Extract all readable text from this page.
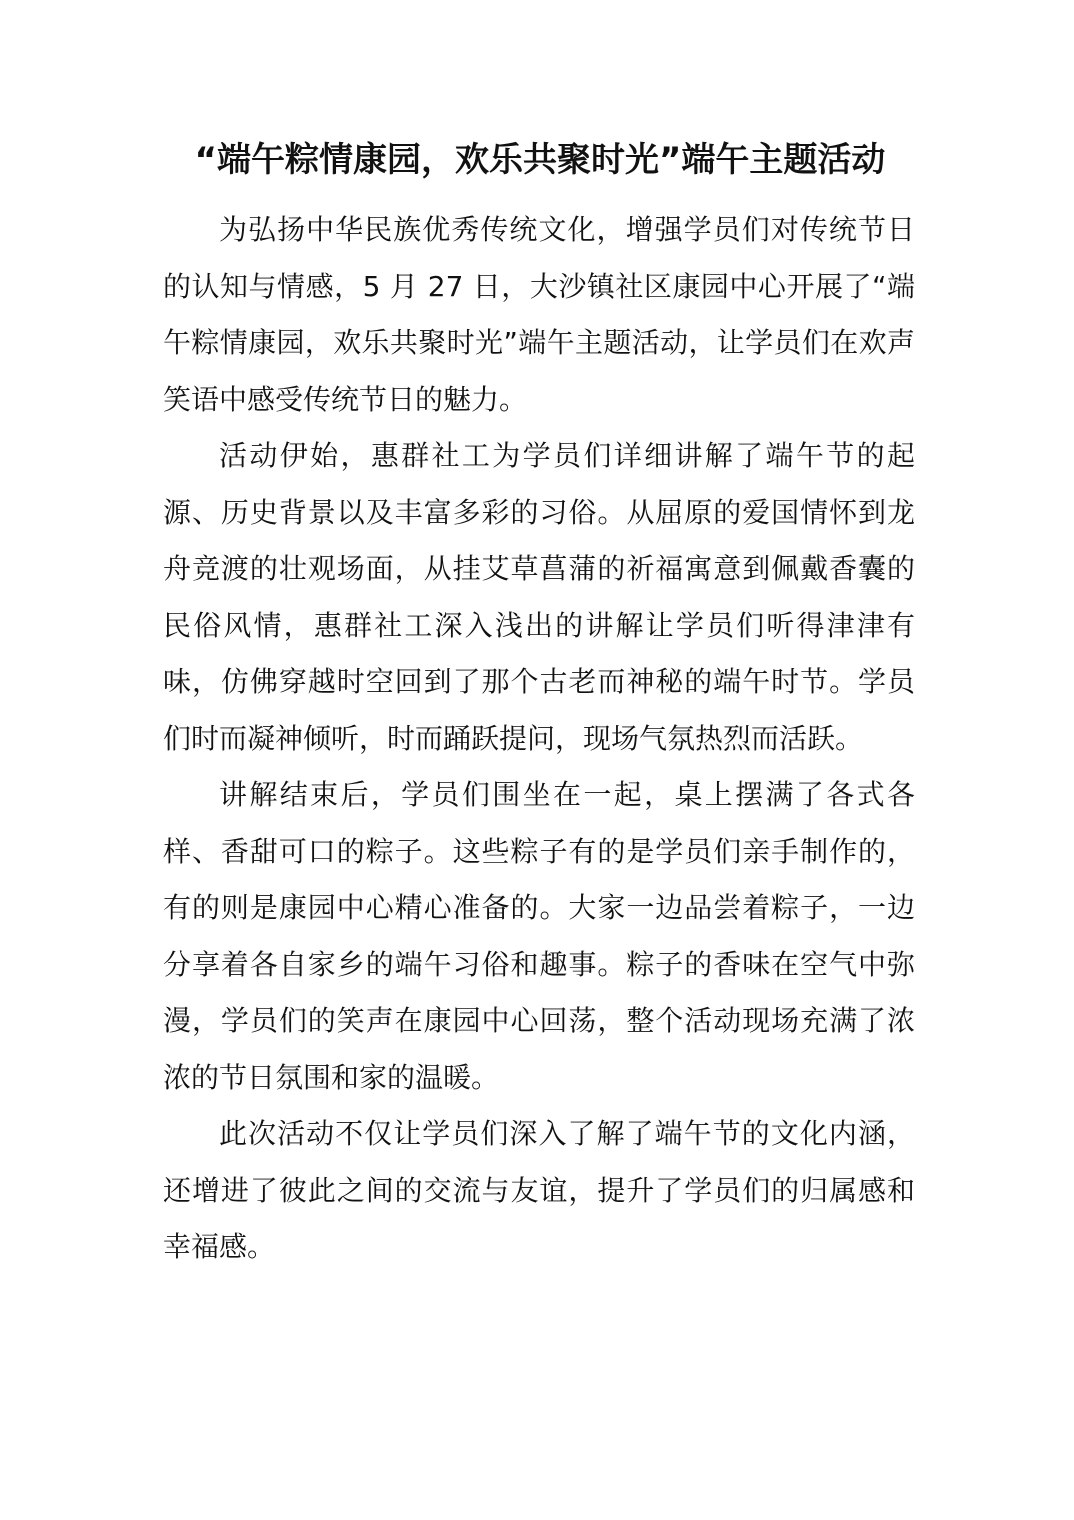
“端午粽情康园，欢乐共聚时光”端午主题活动

为弘扬中华民族优秀传统文化，增强学员们对传统节日的认知与情感，5 月 27 日，大沙镇社区康园中心开展了“端午粽情康园，欢乐共聚时光”端午主题活动，让学员们在欢声笑语中感受传统节日的魅力。

活动伊始，惠群社工为学员们详细讲解了端午节的起源、历史背景以及丰富多彩的习俗。从屈原的爱国情怀到龙舟竞渡的壮观场面，从挂艾草菖蒲的祈福寓意到佩戴香囊的民俗风情，惠群社工深入浅出的讲解让学员们听得津津有味，仿佛穿越时空回到了那个古老而神秘的端午时节。学员们时而凝神倾听，时而踊跃提问，现场气氛热烈而活跃。

讲解结束后，学员们围坐在一起，桌上摆满了各式各样、香甜可口的粽子。这些粽子有的是学员们亲手制作的，有的则是康园中心精心准备的。大家一边品尝着粽子，一边分享着各自家乡的端午习俗和趣事。粽子的香味在空气中弥漫，学员们的笑声在康园中心回荡，整个活动现场充满了浓浓的节日氛围和家的温暖。

此次活动不仅让学员们深入了解了端午节的文化内涵，还增进了彼此之间的交流与友谊，提升了学员们的归属感和幸福感。
